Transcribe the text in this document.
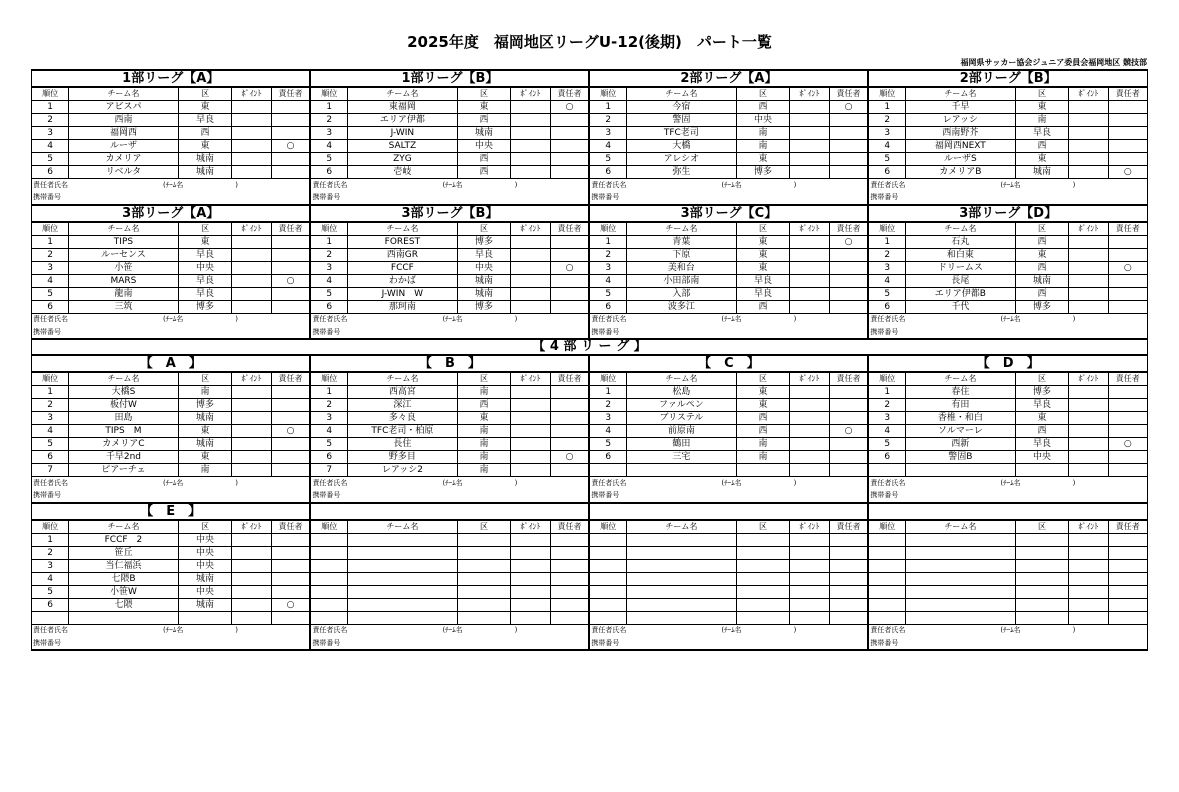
2025年度　福岡地区リーグU-12(後期)　パート一覧
福岡県サッカー協会ジュニア委員会福岡地区 競技部
1部リーグ【A】					1部リーグ【B】					2部リーグ【A】					2部リーグ【B】				
順位	チーム名	区	ﾎﾟｲﾝﾄ	責任者	順位	チーム名	区	ﾎﾟｲﾝﾄ	責任者	順位	チーム名	区	ﾎﾟｲﾝﾄ	責任者	順位	チーム名	区	ﾎﾟｲﾝﾄ	責任者
1	アビスパ	東			1	東福岡	東		○	1	今宿	西		○	1	千早	東		
2	西南	早良			2	エリア伊都	西			2	警固	中央			2	レアッシ	南		
3	福岡西	西			3	J-WIN	城南			3	TFC老司	南			3	西南野芥	早良		
4	ルーザ	東		○	4	SALTZ	中央			4	大橋	南			4	福岡西NEXT	西		
5	カメリア	城南			5	ZYG	西			5	アレシオ	東			5	ルーザS	東		
6	リベルタ	城南			6	壱岐	西			6	弥生	博多			6	カメリアB	城南		○
責任者氏名 (ﾁｰﾑ名 )					責任者氏名 (ﾁｰﾑ名 )					責任者氏名 (ﾁｰﾑ名 )					責任者氏名 (ﾁｰﾑ名 )				
携帯番号					携帯番号					携帯番号					携帯番号				
3部リーグ【A】					3部リーグ【B】					3部リーグ【C】					3部リーグ【D】				
順位	チーム名	区	ﾎﾟｲﾝﾄ	責任者	順位	チーム名	区	ﾎﾟｲﾝﾄ	責任者	順位	チーム名	区	ﾎﾟｲﾝﾄ	責任者	順位	チーム名	区	ﾎﾟｲﾝﾄ	責任者
1	TIPS	東			1	FOREST	博多			1	青葉	東		○	1	石丸	西		
2	ルーセンス	早良			2	西南GR	早良			2	下原	東			2	和白東	東		
3	小笹	中央			3	FCCF	中央		○	3	美和台	東			3	ドリームス	西		○
4	MARS	早良		○	4	わかば	城南			4	小田部南	早良			4	長尾	城南		
5	龍南	早良			5	J-WIN　W	城南			5	入部	早良			5	エリア伊都B	西		
6	三筑	博多			6	那珂南	博多			6	波多江	西			6	千代	博多		
責任者氏名 (ﾁｰﾑ名 )					責任者氏名 (ﾁｰﾑ名 )					責任者氏名 (ﾁｰﾑ名 )					責任者氏名 (ﾁｰﾑ名 )				
携帯番号					携帯番号					携帯番号					携帯番号				
【 4 部 リ ー グ 】																			
【　A　】					【　B　】					【　C　】					【　D　】				
順位	チーム名	区	ﾎﾟｲﾝﾄ	責任者	順位	チーム名	区	ﾎﾟｲﾝﾄ	責任者	順位	チーム名	区	ﾎﾟｲﾝﾄ	責任者	順位	チーム名	区	ﾎﾟｲﾝﾄ	責任者
1	大橋S	南			1	西高宮	南			1	松島	東			1	春住	博多		
2	板付W	博多			2	深江	西			2	ファルペン	東			2	有田	早良		
3	田島	城南			3	多々良	東			3	ブリステル	西			3	香椎・和白	東		
4	TIPS　M	東		○	4	TFC老司・柏原	南			4	前原南	西		○	4	ソルマーレ	西		
5	カメリアC	城南			5	長住	南			5	鶴田	南			5	西新	早良		○
6	千早2nd	東			6	野多目	南		○	6	三宅	南			6	警固B	中央		
7	ピアーチェ	南			7	レアッシ2	南												
責任者氏名 (ﾁｰﾑ名 )					責任者氏名 (ﾁｰﾑ名 )					責任者氏名 (ﾁｰﾑ名 )					責任者氏名 (ﾁｰﾑ名 )				
携帯番号					携帯番号					携帯番号					携帯番号				
【　E　】																			
順位	チーム名	区	ﾎﾟｲﾝﾄ	責任者	順位	チーム名	区	ﾎﾟｲﾝﾄ	責任者	順位	チーム名	区	ﾎﾟｲﾝﾄ	責任者	順位	チーム名	区	ﾎﾟｲﾝﾄ	責任者
1	FCCF　2	中央																	
2	笹丘	中央																	
3	当仁福浜	中央																	
4	七隈B	城南																	
5	小笹W	中央																	
6	七隈	城南		○															

責任者氏名 (ﾁｰﾑ名 )					責任者氏名 (ﾁｰﾑ名 )					責任者氏名 (ﾁｰﾑ名 )					責任者氏名 (ﾁｰﾑ名 )				
携帯番号					携帯番号					携帯番号					携帯番号				
